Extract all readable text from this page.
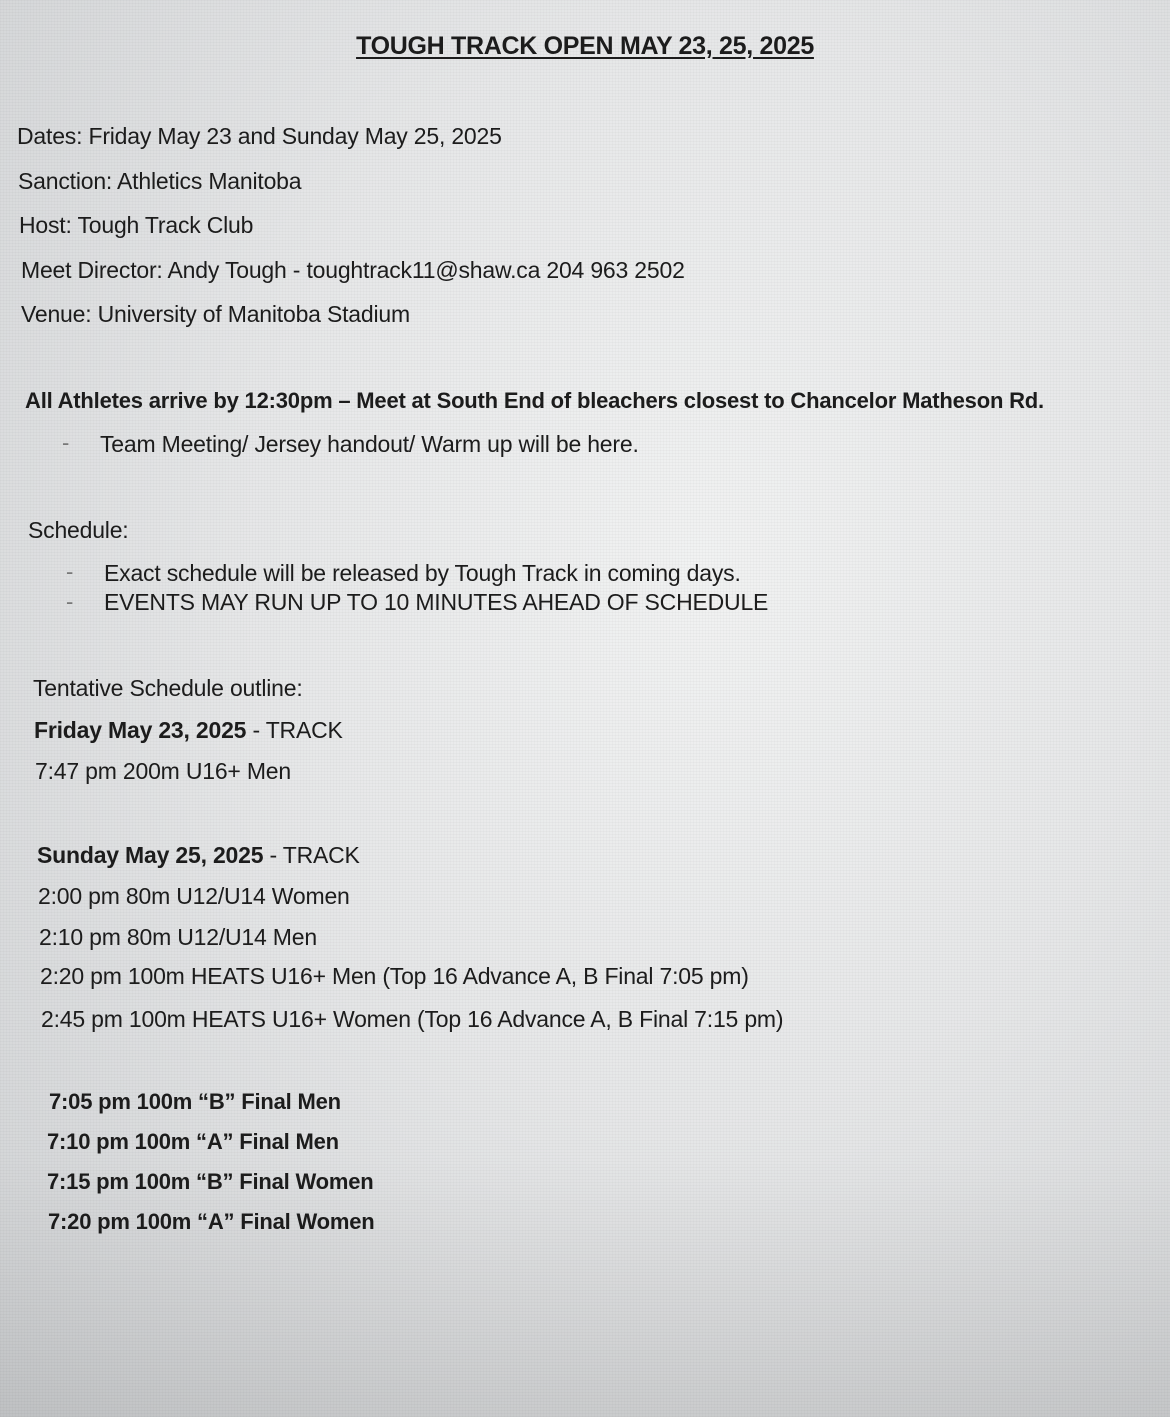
TOUGH TRACK OPEN MAY 23, 25, 2025
Dates: Friday May 23 and Sunday May 25, 2025
Sanction: Athletics Manitoba
Host: Tough Track Club
Meet Director: Andy Tough - toughtrack11@shaw.ca 204 963 2502
Venue: University of Manitoba Stadium
All Athletes arrive by 12:30pm – Meet at South End of bleachers closest to Chancelor Matheson Rd.
- Team Meeting/ Jersey handout/ Warm up will be here.
Schedule:
- Exact schedule will be released by Tough Track in coming days.
- EVENTS MAY RUN UP TO 10 MINUTES AHEAD OF SCHEDULE
Tentative Schedule outline:
Friday May 23, 2025 - TRACK
7:47 pm 200m U16+ Men
Sunday May 25, 2025 - TRACK
2:00 pm 80m U12/U14 Women
2:10 pm 80m U12/U14 Men
2:20 pm 100m HEATS U16+ Men (Top 16 Advance A, B Final 7:05 pm)
2:45 pm 100m HEATS U16+ Women (Top 16 Advance A, B Final 7:15 pm)
7:05 pm 100m “B” Final Men
7:10 pm 100m “A” Final Men
7:15 pm 100m “B” Final Women
7:20 pm 100m “A” Final Women
